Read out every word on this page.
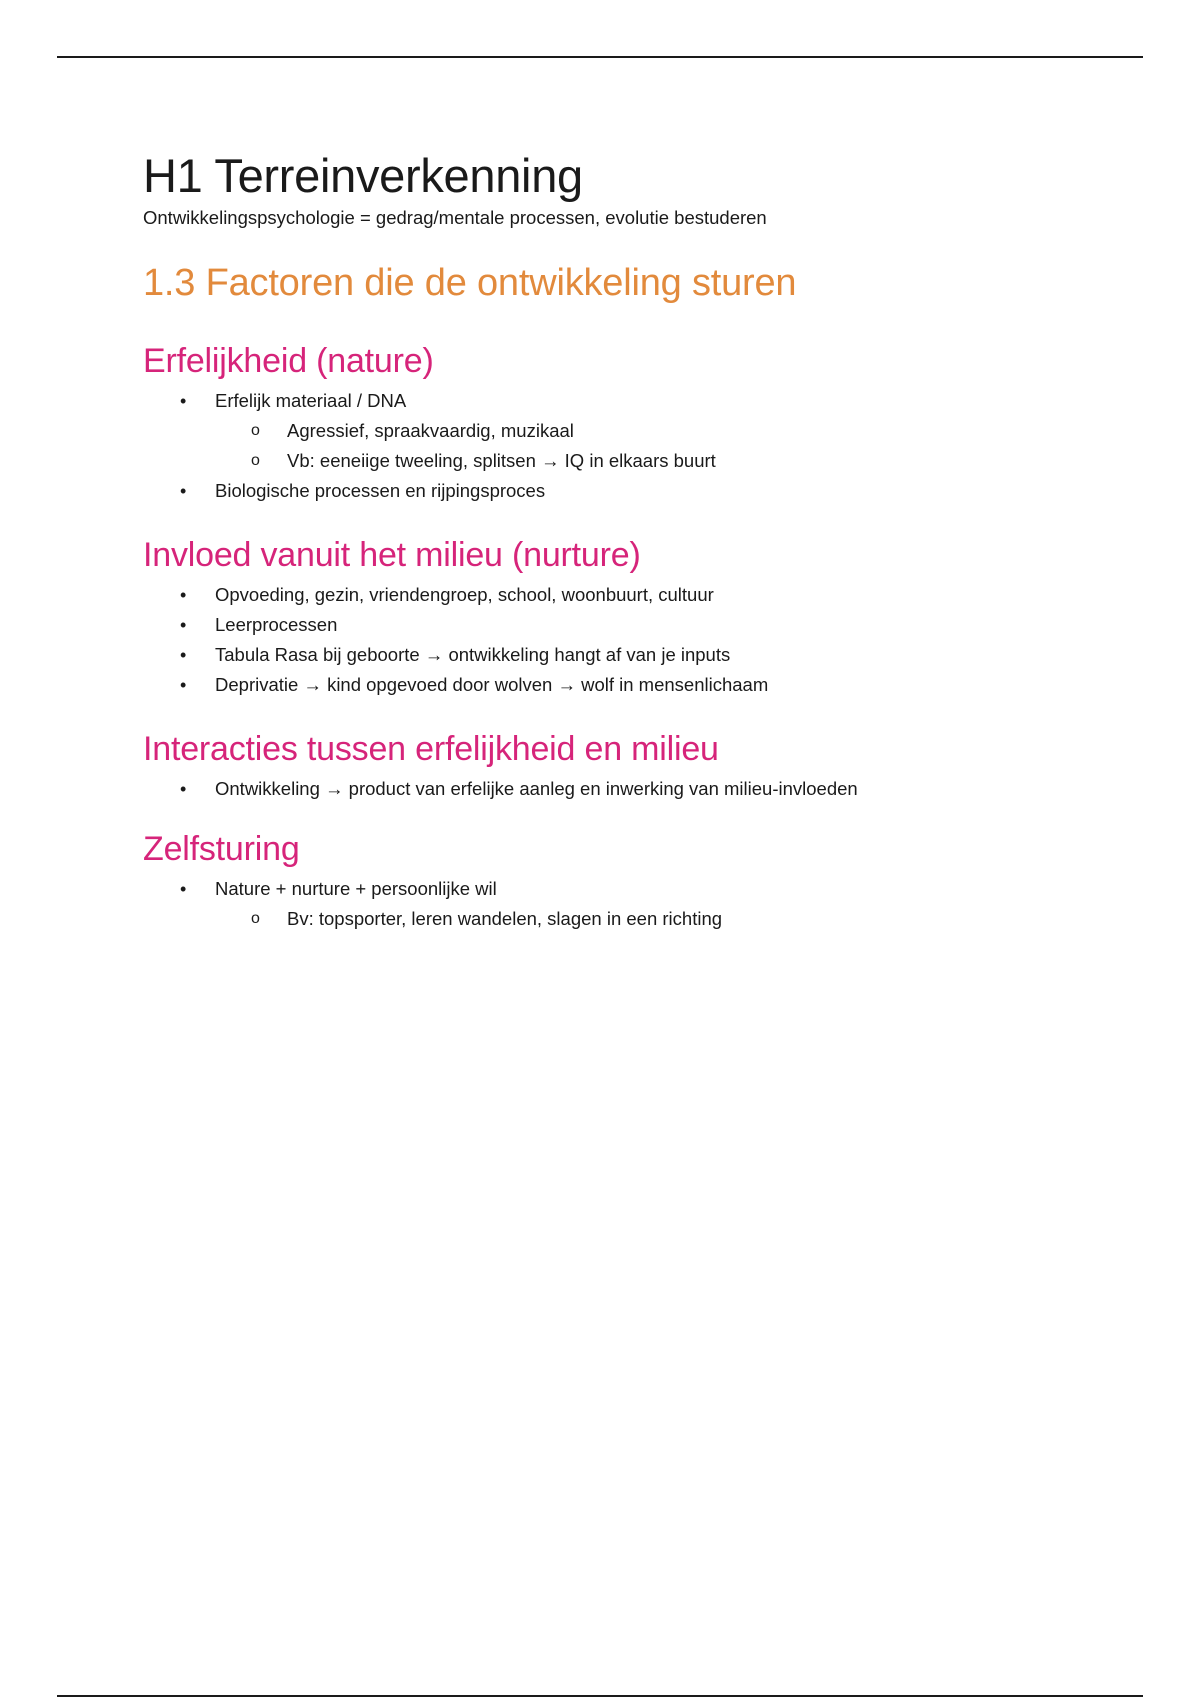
H1 Terreinverkenning

Ontwikkelingspsychologie = gedrag/mentale processen, evolutie bestuderen

1.3 Factoren die de ontwikkeling sturen
Erfelijkheid (nature)
• Erfelijk materiaal / DNA
o Agressief, spraakvaardig, muzikaal
o Vb: eeneiige tweeling, splitsen → IQ in elkaars buurt
• Biologische processen en rijpingsproces
Invloed vanuit het milieu (nurture)
• Opvoeding, gezin, vriendengroep, school, woonbuurt, cultuur
• Leerprocessen
• Tabula Rasa bij geboorte → ontwikkeling hangt af van je inputs
• Deprivatie → kind opgevoed door wolven → wolf in mensenlichaam
Interacties tussen erfelijkheid en milieu
• Ontwikkeling → product van erfelijke aanleg en inwerking van milieu-invloeden
Zelfsturing
• Nature + nurture + persoonlijke wil
o Bv: topsporter, leren wandelen, slagen in een richting
